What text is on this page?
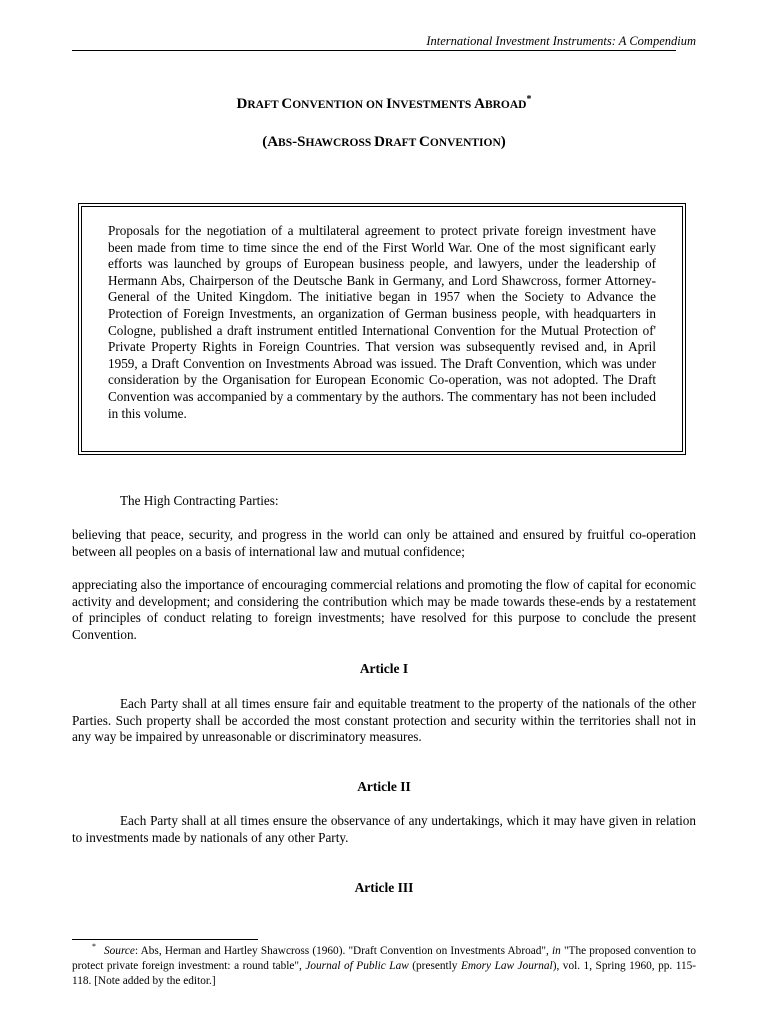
International Investment Instruments: A Compendium
DRAFT CONVENTION ON INVESTMENTS ABROAD*
(ABS-SHAWCROSS DRAFT CONVENTION)

Proposals for the negotiation of a multilateral agreement to protect private foreign investment have been made from time to time since the end of the First World War. One of the most significant early efforts was launched by groups of European business people, and lawyers, under the leadership of Hermann Abs, Chairperson of the Deutsche Bank in Germany, and Lord Shawcross, former Attorney-General of the United Kingdom. The initiative began in 1957 when the Society to Advance the Protection of Foreign Investments, an organization of German business people, with headquarters in Cologne, published a draft instrument entitled International Convention for the Mutual Protection of' Private Property Rights in Foreign Countries. That version was subsequently revised and, in April 1959, a Draft Convention on Investments Abroad was issued. The Draft Convention, which was under consideration by the Organisation for European Economic Co-operation, was not adopted. The Draft Convention was accompanied by a commentary by the authors. The commentary has not been included in this volume.

The High Contracting Parties:

believing that peace, security, and progress in the world can only be attained and ensured by fruitful co-operation between all peoples on a basis of international law and mutual confidence;

appreciating also the importance of encouraging commercial relations and promoting the flow of capital for economic activity and development; and considering the contribution which may be made towards these-ends by a restatement of principles of conduct relating to foreign investments; have resolved for this purpose to conclude the present Convention.

Article I

Each Party shall at all times ensure fair and equitable treatment to the property of the nationals of the other Parties. Such property shall be accorded the most constant protection and security within the territories shall not in any way be impaired by unreasonable or discriminatory measures.

Article II

Each Party shall at all times ensure the observance of any undertakings, which it may have given in relation to investments made by nationals of any other Party.

Article III

* Source: Abs, Herman and Hartley Shawcross (1960). "Draft Convention on Investments Abroad", in "The proposed convention to protect private foreign investment: a round table", Journal of Public Law (presently Emory Law Journal), vol. 1, Spring 1960, pp. 115-118. [Note added by the editor.]
